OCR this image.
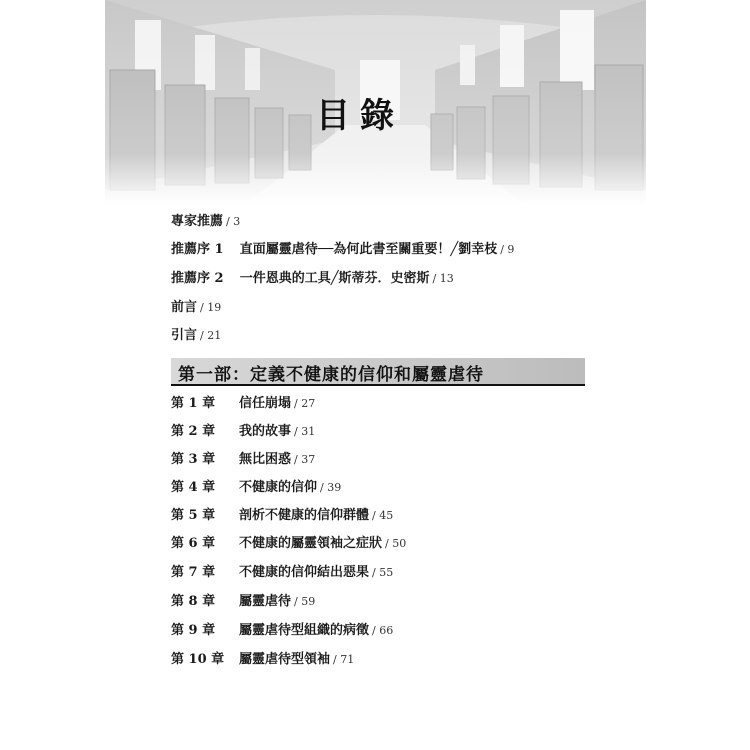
目錄
專家推薦 / 3
推薦序 1 直面屬靈虐待──為何此書至關重要！╱劉幸枝 / 9
推薦序 2 一件恩典的工具╱斯蒂芬．史密斯 / 13
前言 / 19
引言 / 21
第一部：定義不健康的信仰和屬靈虐待
第 1 章 信任崩塌 / 27
第 2 章 我的故事 / 31
第 3 章 無比困惑 / 37
第 4 章 不健康的信仰 / 39
第 5 章 剖析不健康的信仰群體 / 45
第 6 章 不健康的屬靈領袖之症狀 / 50
第 7 章 不健康的信仰結出惡果 / 55
第 8 章 屬靈虐待 / 59
第 9 章 屬靈虐待型組織的病徵 / 66
第 10 章 屬靈虐待型領袖 / 71
